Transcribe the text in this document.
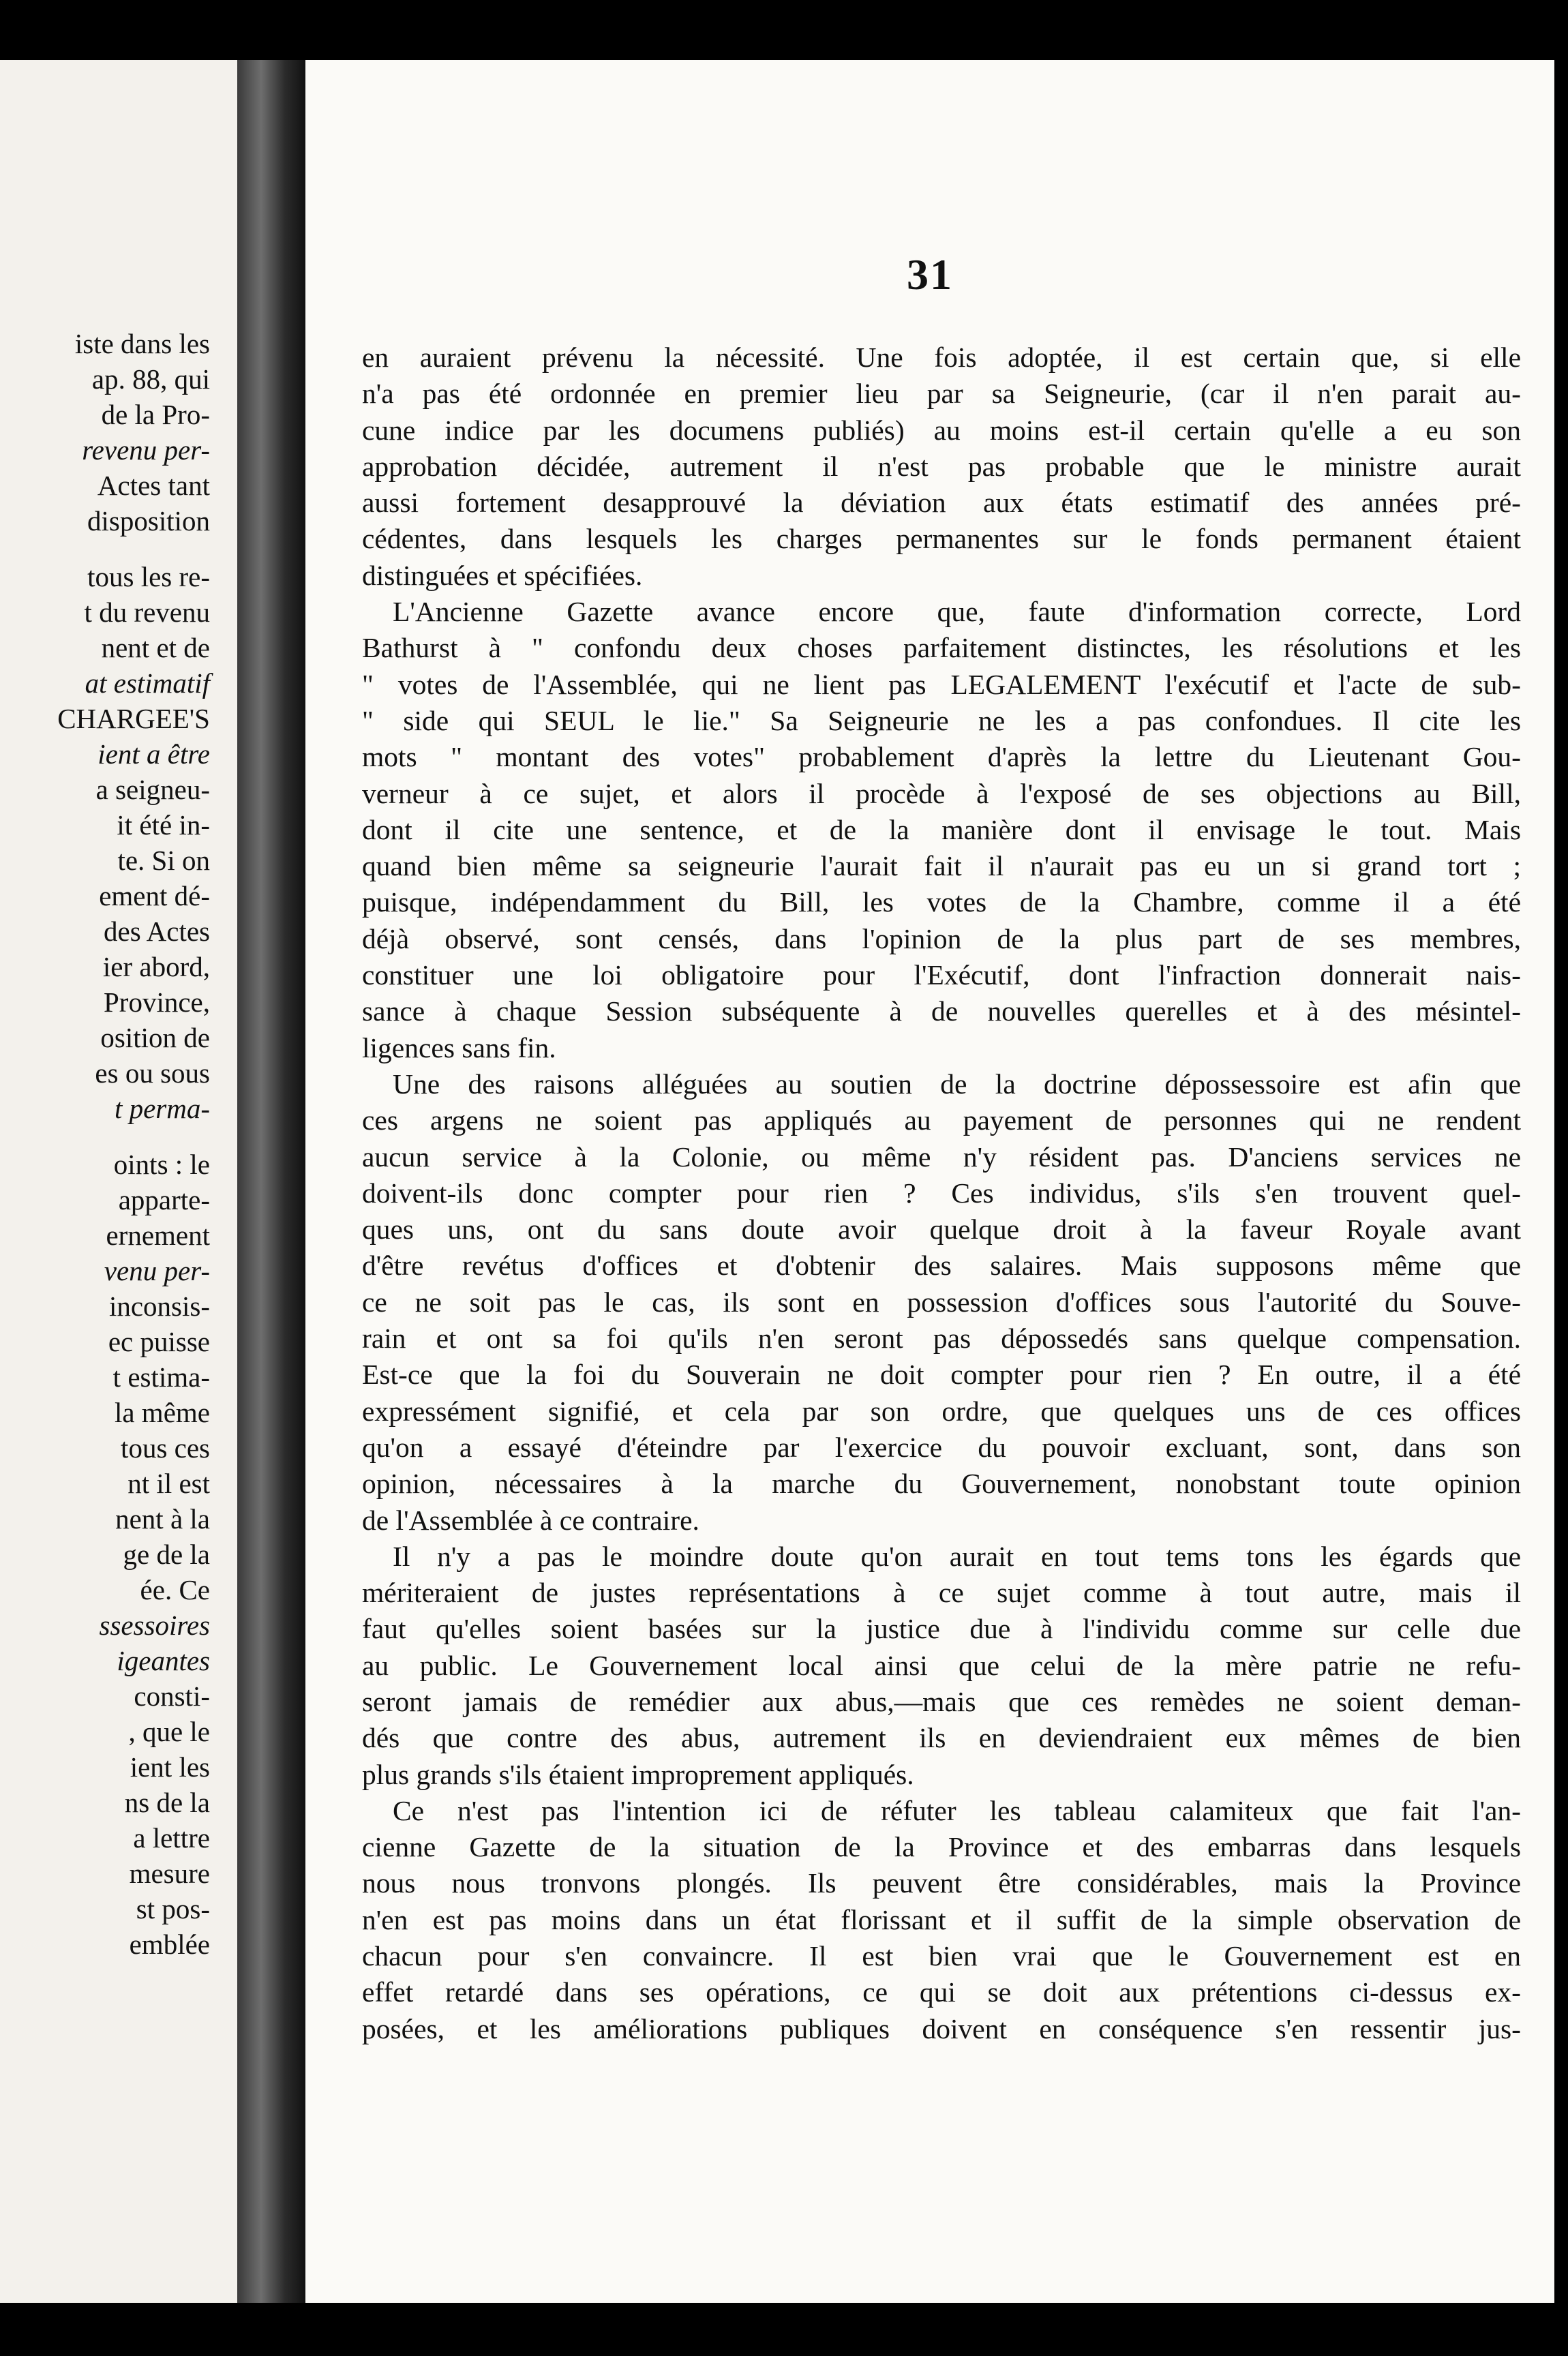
iste dans les
ap. 88, qui
de la Pro-
revenu per-
Actes tant
disposition
tous les re-
t du revenu
nent et de
at estimatif
CHARGEE'S
ient a être
a seigneu-
it été in-
te. Si on
ement dé-
des Actes
ier abord,
Province,
osition de
es ou sous
t perma-
oints : le
apparte-
ernement
venu per-
inconsis-
ec puisse
t estima-
la même
tous ces
nt il est
nent à la
ge de la
ée. Ce
ssessoires
igeantes
consti-
, que le
ient les
ns de la
a lettre
mesure
st pos-
emblée
31
en auraient prévenu la nécessité. Une fois adoptée, il est certain que, si elle
n'a pas été ordonnée en premier lieu par sa Seigneurie, (car il n'en parait au-
cune indice par les documens publiés) au moins est-il certain qu'elle a eu son
approbation décidée, autrement il n'est pas probable que le ministre aurait
aussi fortement desapprouvé la déviation aux états estimatif des années pré-
cédentes, dans lesquels les charges permanentes sur le fonds permanent étaient
distinguées et spécifiées.
L'Ancienne Gazette avance encore que, faute d'information correcte, Lord
Bathurst à " confondu deux choses parfaitement distinctes, les résolutions et les
" votes de l'Assemblée, qui ne lient pas LEGALEMENT l'exécutif et l'acte de sub-
" side qui SEUL le lie." Sa Seigneurie ne les a pas confondues. Il cite les
mots " montant des votes" probablement d'après la lettre du Lieutenant Gou-
verneur à ce sujet, et alors il procède à l'exposé de ses objections au Bill,
dont il cite une sentence, et de la manière dont il envisage le tout. Mais
quand bien même sa seigneurie l'aurait fait il n'aurait pas eu un si grand tort ;
puisque, indépendamment du Bill, les votes de la Chambre, comme il a été
déjà observé, sont censés, dans l'opinion de la plus part de ses membres,
constituer une loi obligatoire pour l'Exécutif, dont l'infraction donnerait nais-
sance à chaque Session subséquente à de nouvelles querelles et à des mésintel-
ligences sans fin.
Une des raisons alléguées au soutien de la doctrine dépossessoire est afin que
ces argens ne soient pas appliqués au payement de personnes qui ne rendent
aucun service à la Colonie, ou même n'y résident pas. D'anciens services ne
doivent-ils donc compter pour rien ? Ces individus, s'ils s'en trouvent quel-
ques uns, ont du sans doute avoir quelque droit à la faveur Royale avant
d'être revétus d'offices et d'obtenir des salaires. Mais supposons même que
ce ne soit pas le cas, ils sont en possession d'offices sous l'autorité du Souve-
rain et ont sa foi qu'ils n'en seront pas dépossedés sans quelque compensation.
Est-ce que la foi du Souverain ne doit compter pour rien ? En outre, il a été
expressément signifié, et cela par son ordre, que quelques uns de ces offices
qu'on a essayé d'éteindre par l'exercice du pouvoir excluant, sont, dans son
opinion, nécessaires à la marche du Gouvernement, nonobstant toute opinion
de l'Assemblée à ce contraire.
Il n'y a pas le moindre doute qu'on aurait en tout tems tons les égards que
mériteraient de justes représentations à ce sujet comme à tout autre, mais il
faut qu'elles soient basées sur la justice due à l'individu comme sur celle due
au public. Le Gouvernement local ainsi que celui de la mère patrie ne refu-
seront jamais de remédier aux abus,—mais que ces remèdes ne soient deman-
dés que contre des abus, autrement ils en deviendraient eux mêmes de bien
plus grands s'ils étaient improprement appliqués.
Ce n'est pas l'intention ici de réfuter les tableau calamiteux que fait l'an-
cienne Gazette de la situation de la Province et des embarras dans lesquels
nous nous tronvons plongés. Ils peuvent être considérables, mais la Province
n'en est pas moins dans un état florissant et il suffit de la simple observation de
chacun pour s'en convaincre. Il est bien vrai que le Gouvernement est en
effet retardé dans ses opérations, ce qui se doit aux prétentions ci-dessus ex-
posées, et les améliorations publiques doivent en conséquence s'en ressentir jus-
